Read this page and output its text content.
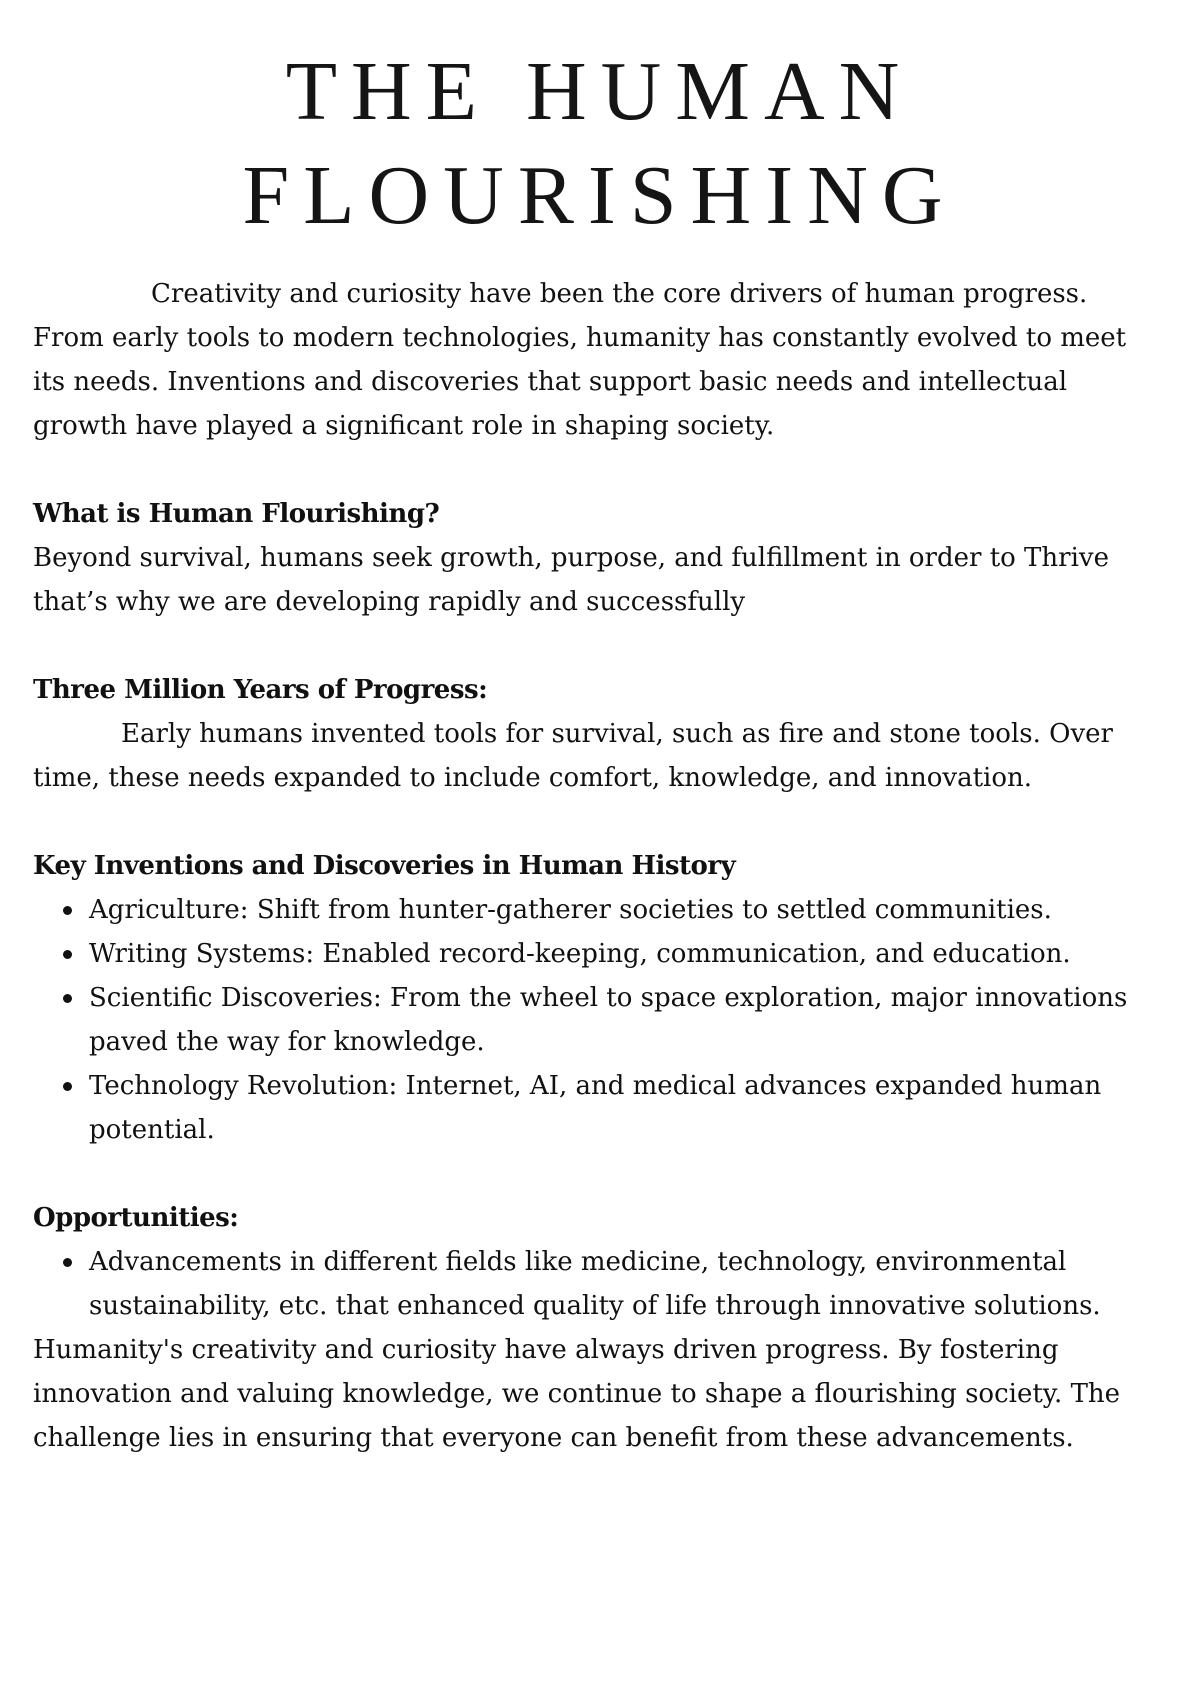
THE HUMAN
FLOURISHING

Creativity and curiosity have been the core drivers of human progress. From early tools to modern technologies, humanity has constantly evolved to meet its needs. Inventions and discoveries that support basic needs and intellectual growth have played a significant role in shaping society.

What is Human Flourishing?

Beyond survival, humans seek growth, purpose, and fulfillment in order to Thrive that’s why we are developing rapidly and successfully

Three Million Years of Progress:

Early humans invented tools for survival, such as fire and stone tools. Over time, these needs expanded to include comfort, knowledge, and innovation.

Key Inventions and Discoveries in Human History
Agriculture: Shift from hunter-gatherer societies to settled communities.
Writing Systems: Enabled record-keeping, communication, and education.
Scientific Discoveries: From the wheel to space exploration, major innovations paved the way for knowledge.
Technology Revolution: Internet, AI, and medical advances expanded human potential.
Opportunities:
Advancements in different fields like medicine, technology, environmental sustainability, etc. that enhanced quality of life through innovative solutions.

Humanity's creativity and curiosity have always driven progress. By fostering innovation and valuing knowledge, we continue to shape a flourishing society. The challenge lies in ensuring that everyone can benefit from these advancements.
